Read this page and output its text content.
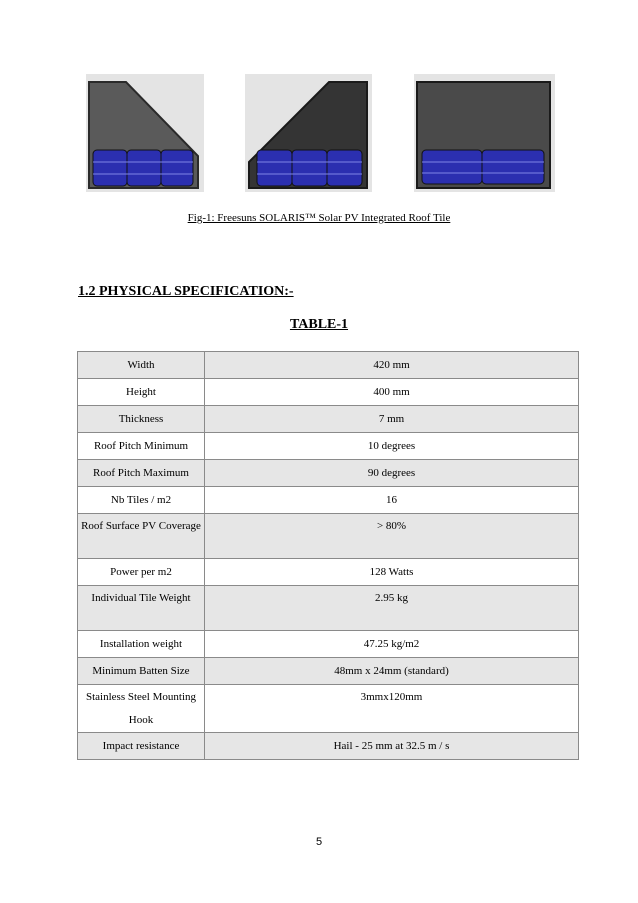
Fig-1: Freesuns SOLARIS™ Solar PV Integrated Roof Tile
1.2 PHYSICAL SPECIFICATION:-
TABLE-1
Width	420 mm
Height	400 mm
Thickness	7 mm
Roof Pitch Minimum	10 degrees
Roof Pitch Maximum	90 degrees
Nb Tiles / m2	16
Roof Surface PV Coverage	> 80%
Power per m2	128 Watts
Individual Tile Weight	2.95 kg
Installation weight	47.25 kg/m2
Minimum Batten Size	48mm x 24mm (standard)
Stainless Steel Mounting Hook	3mmx120mm
Impact resistance	Hail - 25 mm at 32.5 m / s
5
